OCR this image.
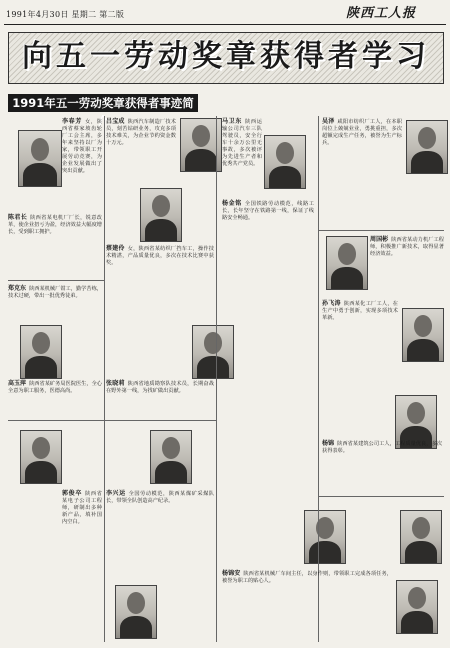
1991年4月30日 星期二 第二版	陕西工人报
向五一劳动奖章获得者学习
1991年五一劳动奖章获得者事迹简介
李春芳 女，陕西省蔡家坡齿轮厂工会主席，多年来坚持以厂为家，带领职工开展劳动竞赛，为企业发展做出了突出贡献。
马卫东 陕西运输公司汽车三队驾驶员，安全行车十余万公里无事故，多次被评为先进生产者和优秀共产党员。
吕宝成 陕西汽车制造厂技术员，刻苦钻研业务，攻克多项技术难关，为企业节约资金数十万元。
吴泽 咸阳市纺织厂工人，在本职岗位上兢兢业业，勇挑重担，多次超额完成生产任务，被誉为生产标兵。
陈君长 陕西省某电机厂厂长，锐意改革，使企业扭亏为盈，经济效益大幅度增长，受到职工拥护。
杨金铭 全国铁路劳动模范，线路工长，长年坚守在铁路第一线，保证了线路安全畅通。
蔡建伶 女，陕西省某纺织厂挡车工，操作技术精湛，产品质量优良，多次在技术比赛中获奖。
郑克东 陕西某机械厂钳工，勤学苦练，技术过硬，带出一批优秀徒弟。
周国彬 陕西省某动力机厂工程师，积极推广新技术，取得显著经济效益。
张晓莉 陕西省地质勘察队技术员，长期奋战在野外第一线，为找矿做出贡献。
孙飞涛 陕西某化工厂工人，在生产中勇于创新，实现多项技术革新。
高玉萍 陕西省某矿务局医院医生，全心全意为职工服务，医德高尚。
郭俊卒 陕西省某电子公司工程师，研制出多种新产品，填补国内空白。
李兴运 全国劳动模范，陕西某煤矿采煤队长，带领全队创造高产纪录。
杨锦 陕西省某建筑公司工人，工程质量优良，多次获得表彰。
杨锦安 陕西省某机械厂车间主任，以身作则，带领职工完成各项任务，被誉为职工的贴心人。
